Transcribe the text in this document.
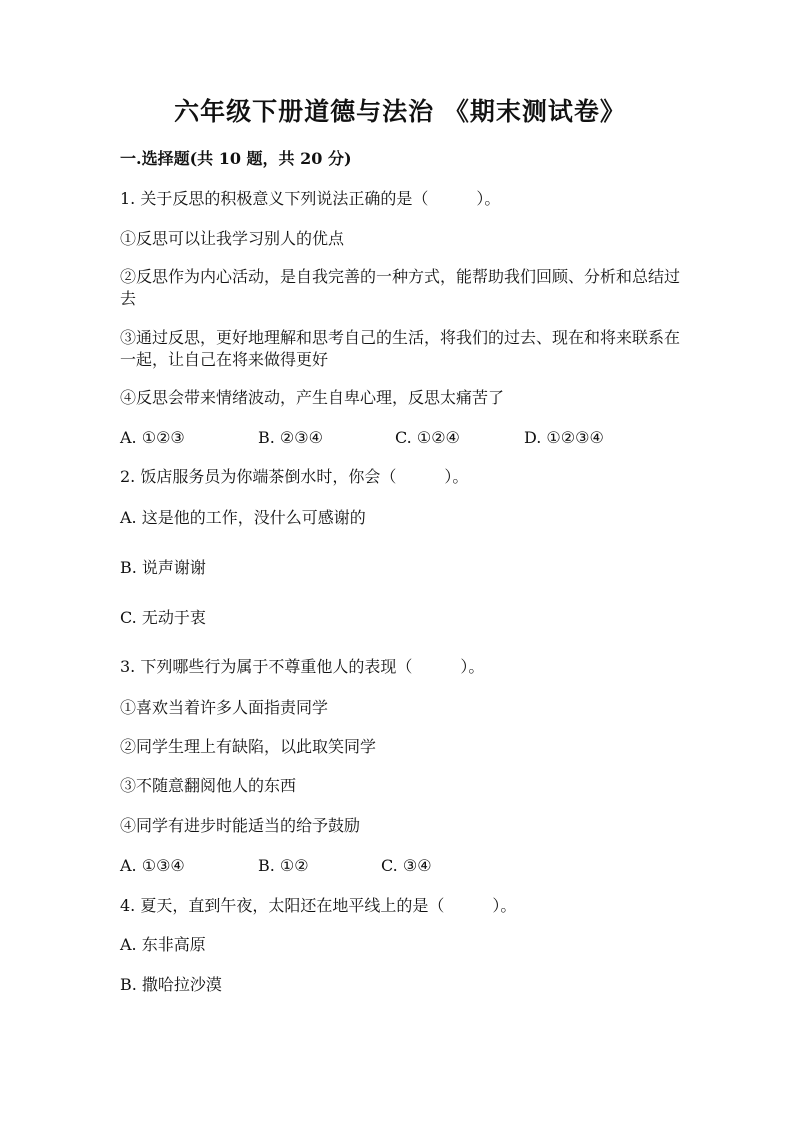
六年级下册道德与法治 《期末测试卷》
一.选择题(共 10 题，共 20 分)
1. 关于反思的积极意义下列说法正确的是（　　　）。
①反思可以让我学习别人的优点
②反思作为内心活动，是自我完善的一种方式，能帮助我们回顾、分析和总结过去
③通过反思，更好地理解和思考自己的生活，将我们的过去、现在和将来联系在一起，让自己在将来做得更好
④反思会带来情绪波动，产生自卑心理，反思太痛苦了
A. ①②③	B. ②③④	C. ①②④	D. ①②③④
2. 饭店服务员为你端茶倒水时，你会（　　　）。
A. 这是他的工作，没什么可感谢的
B. 说声谢谢
C. 无动于衷
3. 下列哪些行为属于不尊重他人的表现（　　　）。
①喜欢当着许多人面指责同学
②同学生理上有缺陷，以此取笑同学
③不随意翻阅他人的东西
④同学有进步时能适当的给予鼓励
A. ①③④	B. ①②	C. ③④
4. 夏天，直到午夜，太阳还在地平线上的是（　　　）。
A. 东非高原
B. 撒哈拉沙漠
